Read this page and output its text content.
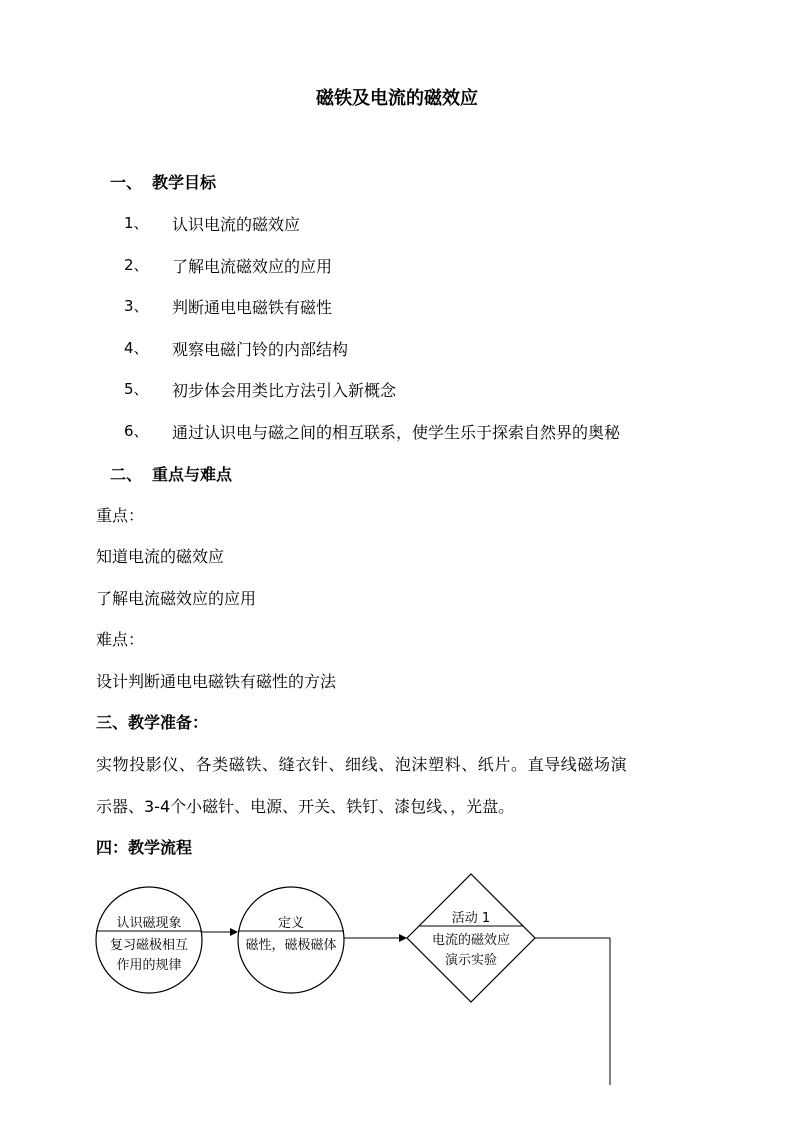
磁铁及电流的磁效应
一、 教学目标
1、 认识电流的磁效应
2、 了解电流磁效应的应用
3、 判断通电电磁铁有磁性
4、 观察电磁门铃的内部结构
5、 初步体会用类比方法引入新概念
6、 通过认识电与磁之间的相互联系，使学生乐于探索自然界的奥秘
二、 重点与难点
重点：
知道电流的磁效应
了解电流磁效应的应用
难点：
设计判断通电电磁铁有磁性的方法
三、教学准备：
实物投影仪、各类磁铁、缝衣针、细线、泡沫塑料、纸片。直导线磁场演
示器、3-4个小磁针、电源、开关、铁钉、漆包线、，光盘。
四：教学流程
认识磁现象
复习磁极相互
作用的规律
定义
磁性，磁极磁体
活动 1
电流的磁效应
演示实验
